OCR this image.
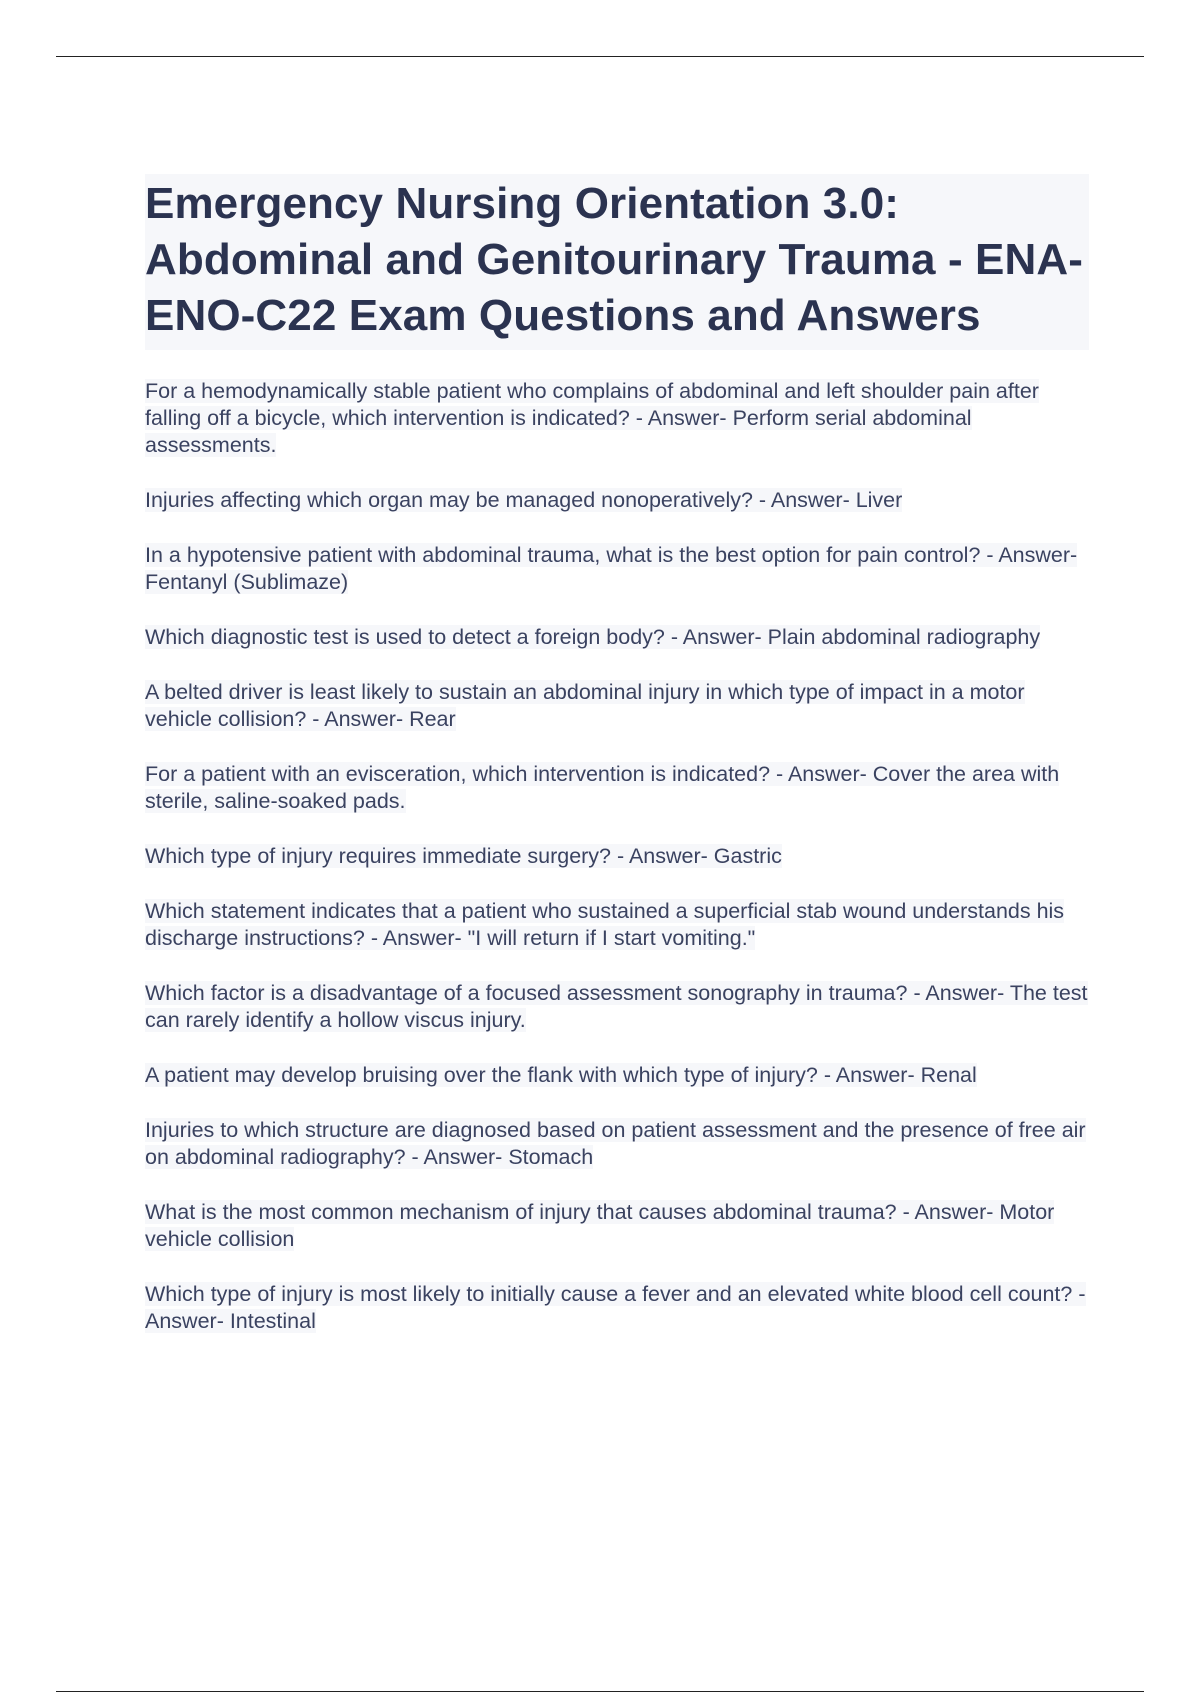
Emergency Nursing Orientation 3.0: Abdominal and Genitourinary Trauma - ENA-ENO-C22 Exam Questions and Answers
For a hemodynamically stable patient who complains of abdominal and left shoulder pain after falling off a bicycle, which intervention is indicated? - Answer- Perform serial abdominal assessments.
Injuries affecting which organ may be managed nonoperatively? - Answer- Liver
In a hypotensive patient with abdominal trauma, what is the best option for pain control? - Answer- Fentanyl (Sublimaze)
Which diagnostic test is used to detect a foreign body? - Answer- Plain abdominal radiography
A belted driver is least likely to sustain an abdominal injury in which type of impact in a motor vehicle collision? - Answer- Rear
For a patient with an evisceration, which intervention is indicated? - Answer- Cover the area with sterile, saline-soaked pads.
Which type of injury requires immediate surgery? - Answer- Gastric
Which statement indicates that a patient who sustained a superficial stab wound understands his discharge instructions? - Answer- "I will return if I start vomiting."
Which factor is a disadvantage of a focused assessment sonography in trauma? - Answer- The test can rarely identify a hollow viscus injury.
A patient may develop bruising over the flank with which type of injury? - Answer- Renal
Injuries to which structure are diagnosed based on patient assessment and the presence of free air on abdominal radiography? - Answer- Stomach
What is the most common mechanism of injury that causes abdominal trauma? - Answer- Motor vehicle collision
Which type of injury is most likely to initially cause a fever and an elevated white blood cell count? - Answer- Intestinal
